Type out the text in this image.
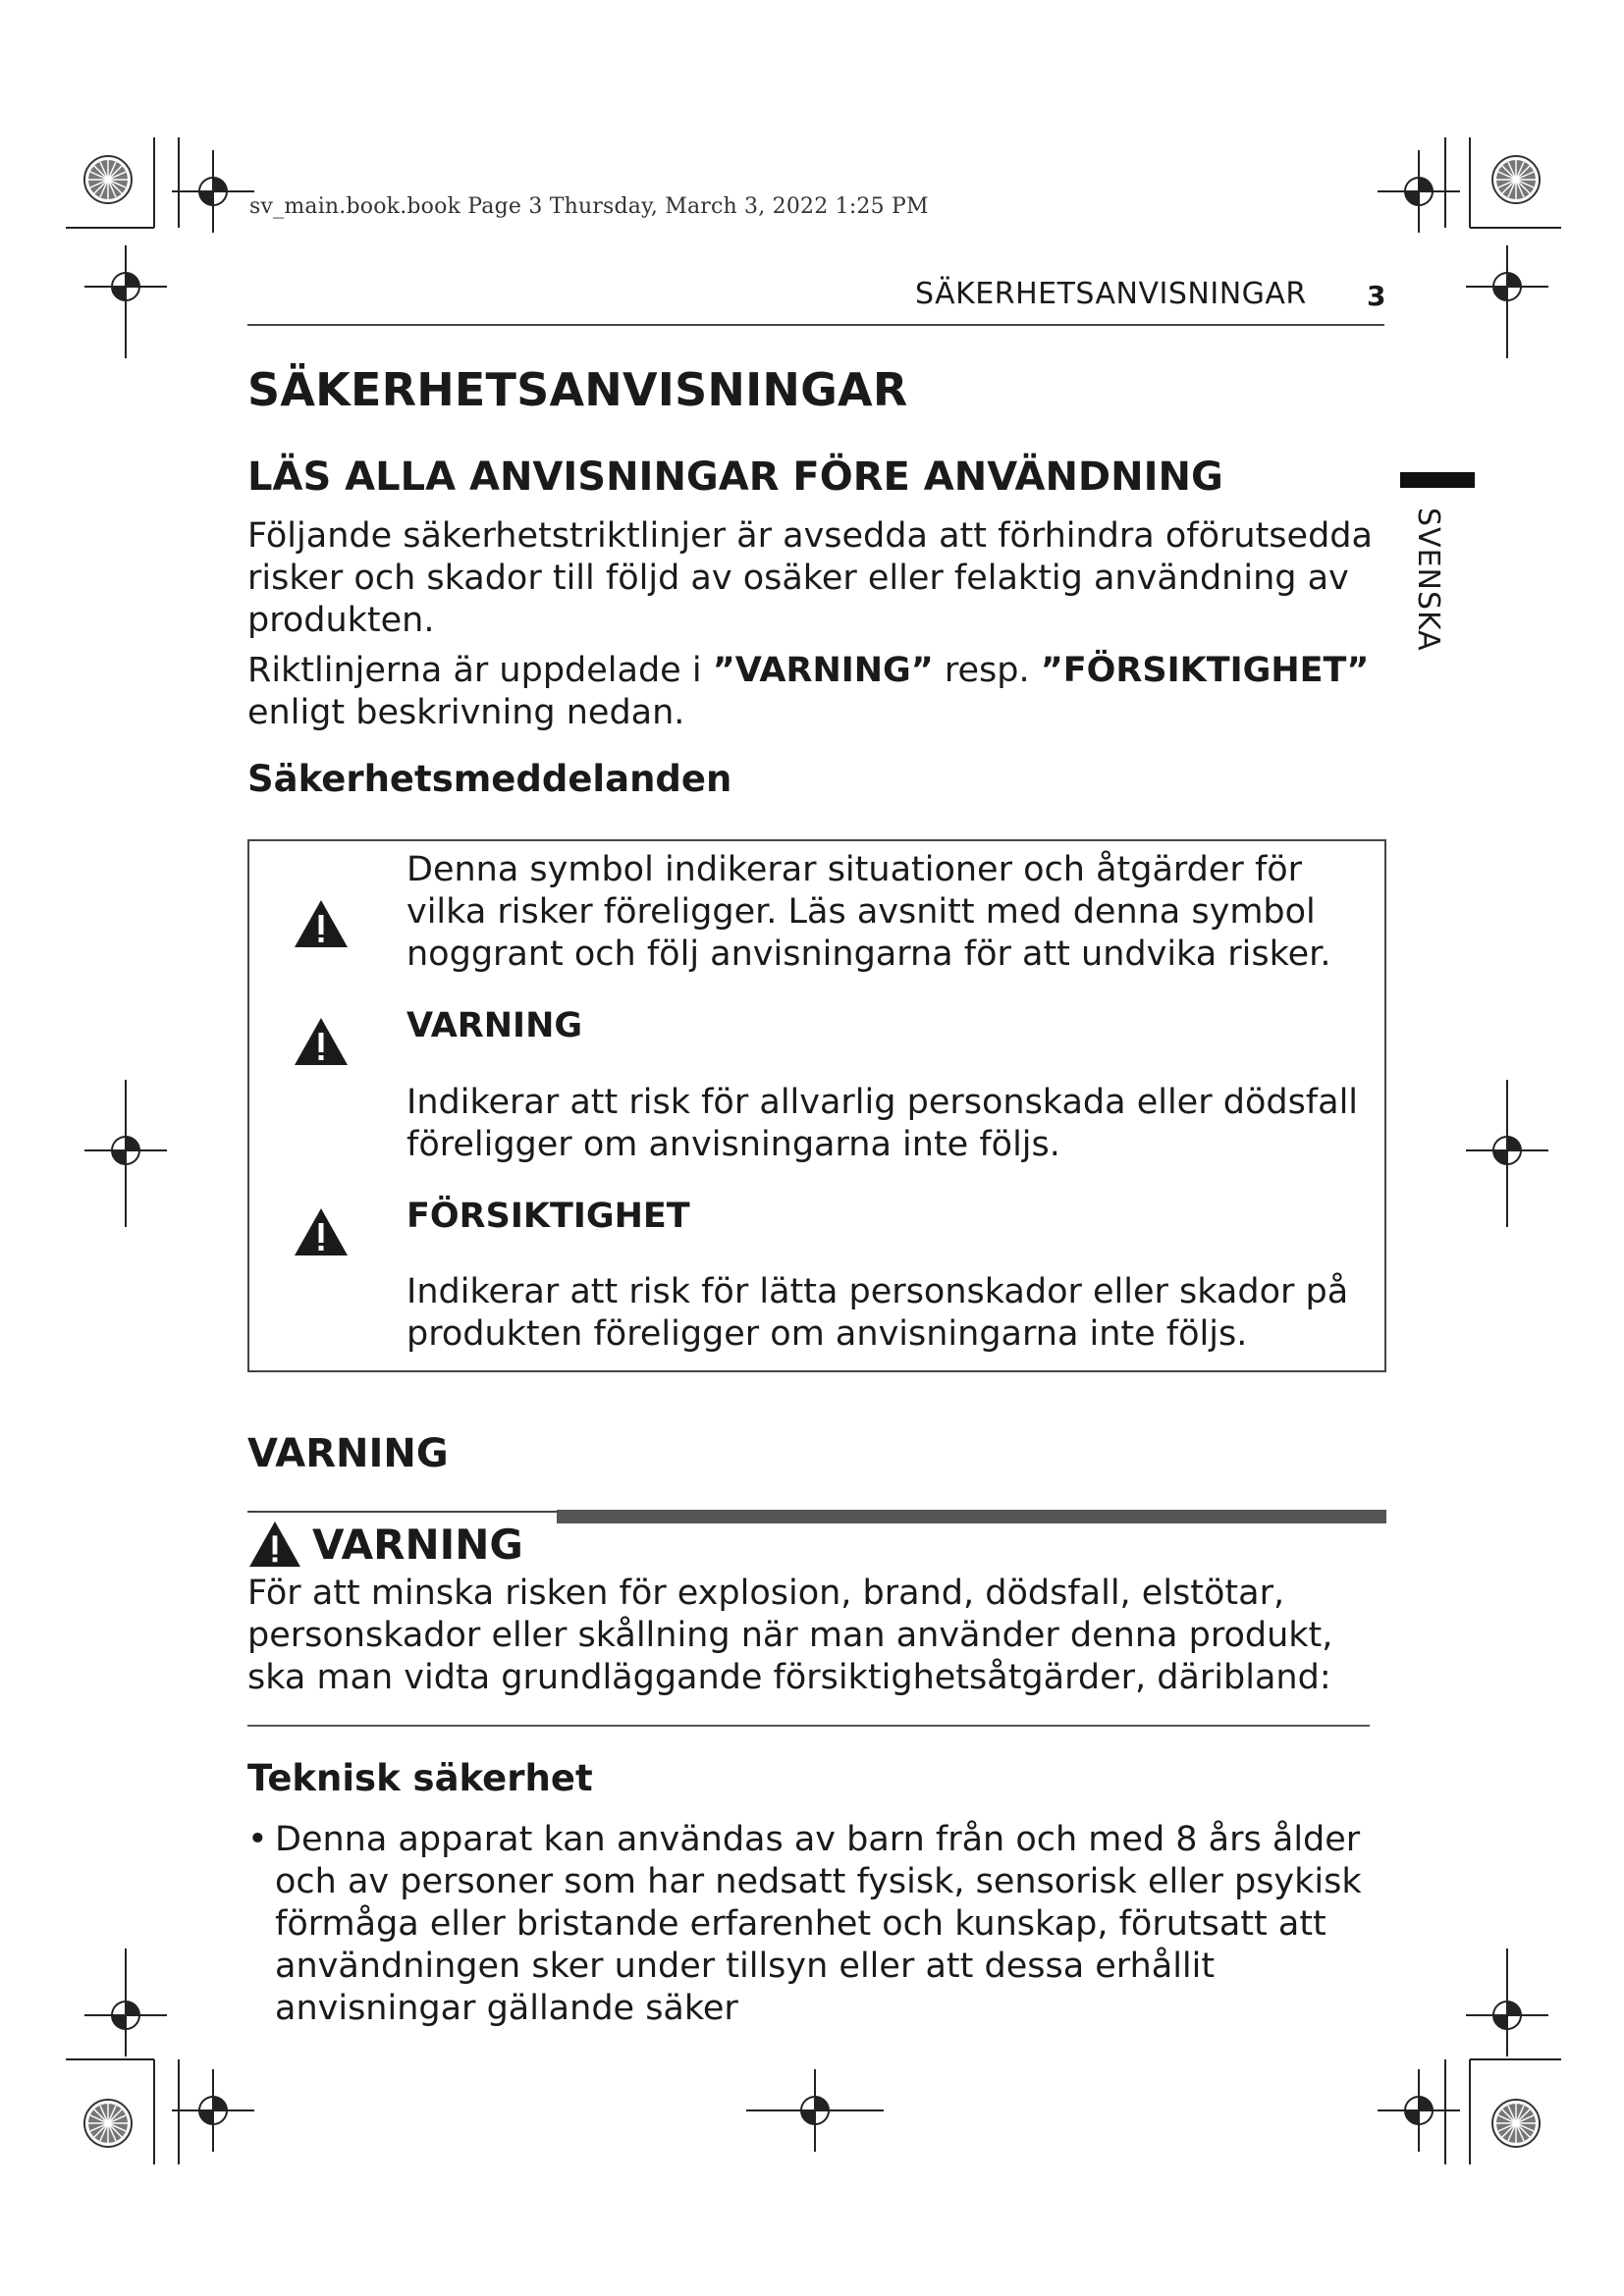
sv_main.book.book Page 3 Thursday, March 3, 2022 1:25 PM
SÄKERHETSANVISNINGAR 3
SVENSKA
SÄKERHETSANVISNINGAR
LÄS ALLA ANVISNINGAR FÖRE ANVÄNDNING

Följande säkerhetstriktlinjer är avsedda att förhindra oförutsedda risker och skador till följd av osäker eller felaktig användning av produkten.

Riktlinjerna är uppdelade i ”VARNING” resp. ”FÖRSIKTIGHET” enligt beskrivning nedan.

Säkerhetsmeddelanden

Denna symbol indikerar situationer och åtgärder för vilka risker föreligger. Läs avsnitt med denna symbol noggrant och följ anvisningarna för att undvika risker.

VARNING

Indikerar att risk för allvarlig personskada eller dödsfall föreligger om anvisningarna inte följs.

FÖRSIKTIGHET

Indikerar att risk för lätta personskador eller skador på produkten föreligger om anvisningarna inte följs.

VARNING
VARNING

För att minska risken för explosion, brand, dödsfall, elstötar, personskador eller skållning när man använder denna produkt, ska man vidta grundläggande försiktighetsåtgärder, däribland:

Teknisk säkerhet
• Denna apparat kan användas av barn från och med 8 års ålder och av personer som har nedsatt fysisk, sensorisk eller psykisk förmåga eller bristande erfarenhet och kunskap, förutsatt att användningen sker under tillsyn eller att dessa erhållit anvisningar gällande säker
